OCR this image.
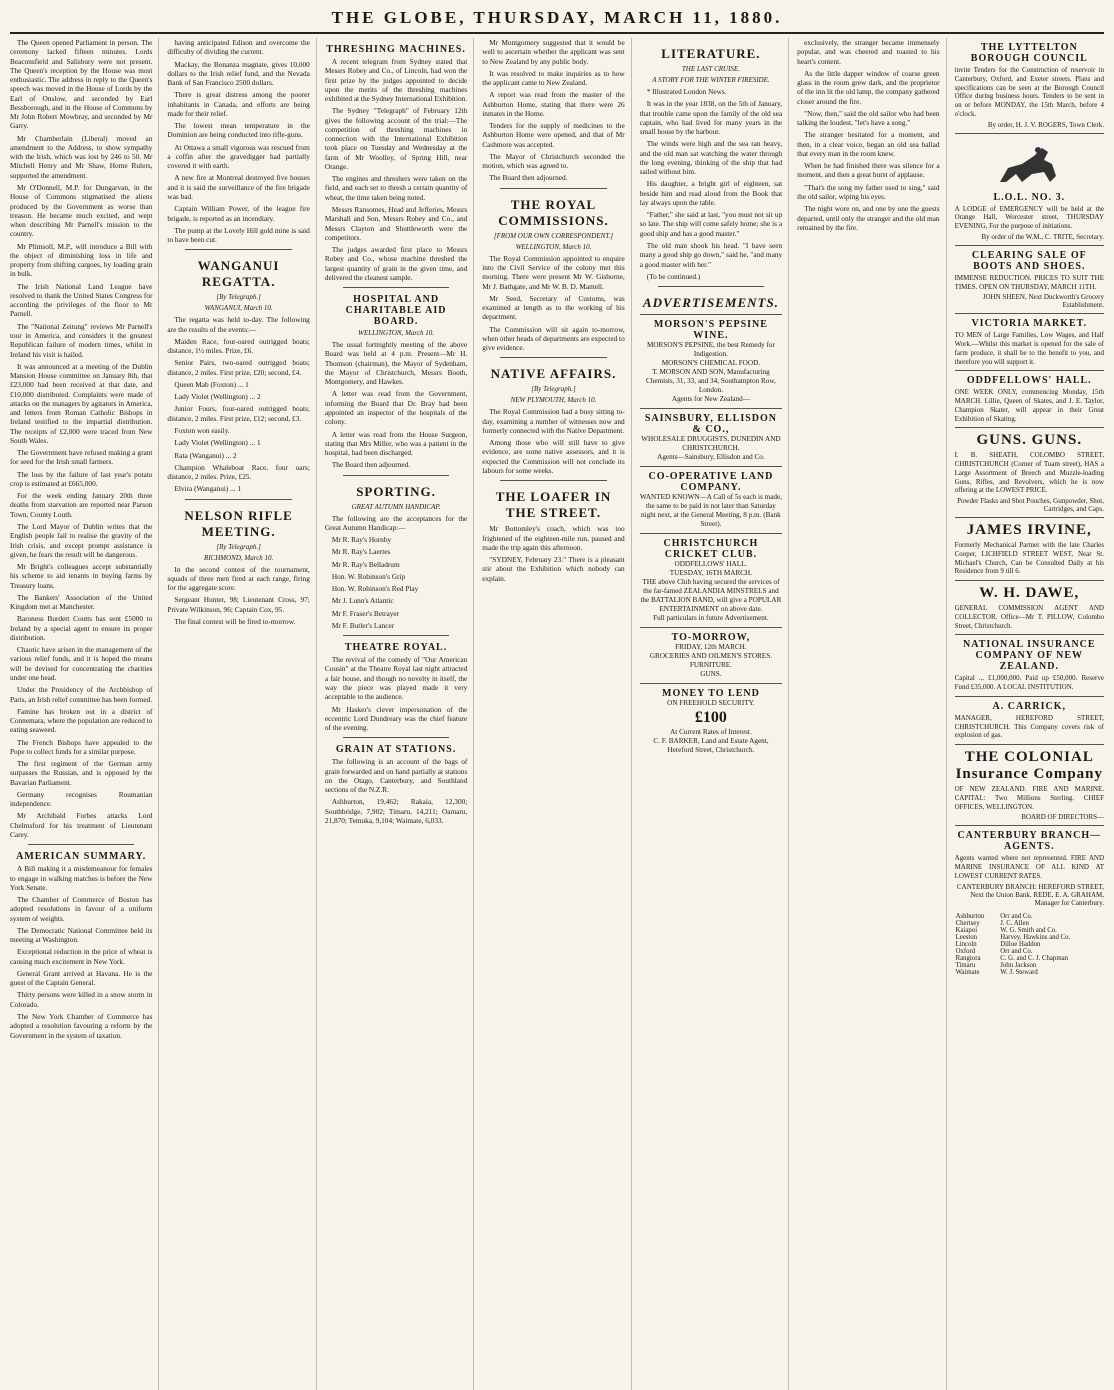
THE GLOBE, THURSDAY, MARCH 11, 1880.

The Queen opened Parliament in person. The ceremony lacked fifteen minutes. Lords Beaconsfield and Salisbury were not present. The Queen's reception by the House was most enthusiastic. The address in reply to the Queen's speech was moved in the House of Lords by the Earl of Onslow, and seconded by Earl Bessborough, and in the House of Commons by Mr John Robert Mowbray, and seconded by Mr Garry.

Mr Chamberlain (Liberal) moved an amendment to the Address, to show sympathy with the Irish, which was lost by 246 to 50. Mr Mitchell Henry and Mr Shaw, Home Rulers, supported the amendment.

Mr O'Donnell, M.P. for Dungarvan, in the House of Commons stigmatised the aliens produced by the Government as worse than treason. He became much excited, and wept when describing Mr Parnell's mission to the country.

Mr Plimsoll, M.P., will introduce a Bill with the object of diminishing loss in life and property from shifting cargoes, by loading grain in bulk.

The Irish National Land League have resolved to thank the United States Congress for according the privileges of the floor to Mr Parnell.

The "National Zeitung" reviews Mr Parnell's tour in America, and considers it the greatest Republican failure of modern times, whilst in Ireland his visit is hailed.

It was announced at a meeting of the Dublin Mansion House committee on January 8th, that £23,000 had been received at that date, and £10,000 distributed. Complaints were made of attacks on the managers by agitators in America, and letters from Roman Catholic Bishops in Ireland testified to the impartial distribution. The receipts of £2,000 were traced from New South Wales.

The Government have refused making a grant for seed for the Irish small farmers.

The loss by the failure of last year's potato crop is estimated at £665,000.

For the week ending January 20th three deaths from starvation are reported near Parson Town, County Louth.

The Lord Mayor of Dublin writes that the English people fail to realise the gravity of the Irish crisis, and except prompt assistance is given, he fears the result will be dangerous.

Mr Bright's colleagues accept substantially his scheme to aid tenants in buying farms by Treasury loans.

The Bankers' Association of the United Kingdom met at Manchester.

Baroness Burdett Coutts has sent £5000 to Ireland by a special agent to ensure its proper distribution.

Chaotic have arisen in the management of the various relief funds, and it is hoped the means will be devised for concentrating the charities under one head.

Under the Presidency of the Archbishop of Paris, an Irish relief committee has been formed.

Famine has broken out in a district of Connemara, where the population are reduced to eating seaweed.

The French Bishops have appealed to the Pope to collect funds for a similar purpose.

The first regiment of the German army surpasses the Russian, and is opposed by the Bavarian Parliament.

Germany recognises Roumanian independence.

Mr Archibald Forbes attacks Lord Chelmsford for his treatment of Lieutenant Carey.

AMERICAN SUMMARY.

A Bill making it a misdemeanour for females to engage in walking matches is before the New York Senate.

The Chamber of Commerce of Boston has adopted resolutions in favour of a uniform system of weights.

The Democratic National Committee held its meeting at Washington.

Exceptional reduction in the price of wheat is causing much excitement in New York.

General Grant arrived at Havana. He is the guest of the Captain General.

Thirty persons were killed in a snow storm in Colorado.

The New York Chamber of Commerce has adopted a resolution favouring a reform by the Government in the system of taxation.

having anticipated Edison and overcome the difficulty of dividing the current.

Mackay, the Bonanza magnate, gives 10,000 dollars to the Irish relief fund, and the Nevada Bank of San Francisco 2500 dollars.

There is great distress among the poorer inhabitants in Canada, and efforts are being made for their relief.

The lowest mean temperature in the Dominion are being conducted into rifle-guns.

At Ottawa a small vigorous was rescued from a coffin after the gravedigger had partially covered it with earth.

A new fire at Montreal destroyed five houses and it is said the surveillance of the fire brigade was bad.

Captain William Power, of the league fire brigade, is reported as an incendiary.

The pump at the Lovely Hill gold mine is said to have been cut.

WANGANUI REGATTA.
[By Telegraph.]
WANGANUI, March 10.

The regatta was held to-day. The following are the results of the events:—

Maiden Race, four-oared outrigged boats; distance, 1½ miles. Prize, £6.

Senior Pairs, two-oared outrigged boats; distance, 2 miles. First prize, £20; second, £4.

Queen Mab (Foxton) ... 1

Lady Violet (Wellington) ... 2

Junior Fours, four-oared outrigged boats; distance, 2 miles. First prize, £12; second, £3.

Foxton won easily.

Lady Violet (Wellington) ... 1

Rata (Wanganui) ... 2

Champion Whaleboat Race, four oars; distance, 2 miles. Prize, £25.

Elvira (Wanganui) ... 1

NELSON RIFLE MEETING.
[By Telegraph.]
RICHMOND, March 10.

In the second contest of the tournament, squads of three men fired at each range, firing for the aggregate score.

Sergeant Hunter, 98; Lieutenant Cross, 97; Private Wilkinson, 96; Captain Cox, 95.

The final contest will be fired to-morrow.

THRESHING MACHINES.

A recent telegram from Sydney stated that Messrs Robey and Co., of Lincoln, had won the first prize by the judges appointed to decide upon the merits of the threshing machines exhibited at the Sydney International Exhibition.

The Sydney "Telegraph" of February 12th gives the following account of the trial:—The competition of threshing machines in connection with the International Exhibition took place on Tuesday and Wednesday at the farm of Mr Woolley, of Spring Hill, near Orange.

The engines and threshers were taken on the field, and each set to thresh a certain quantity of wheat, the time taken being noted.

Messrs Ransomes, Head and Jefferies, Messrs Marshall and Son, Messrs Robey and Co., and Messrs Clayton and Shuttleworth were the competitors.

The judges awarded first place to Messrs Robey and Co., whose machine threshed the largest quantity of grain in the given time, and delivered the cleanest sample.

HOSPITAL AND CHARITABLE AID BOARD.
WELLINGTON, March 10.

The usual fortnightly meeting of the above Board was held at 4 p.m. Present—Mr H. Thomson (chairman), the Mayor of Sydenham, the Mayor of Christchurch, Messrs Booth, Montgomery, and Hawkes.

A letter was read from the Government, informing the Board that Dr. Bray had been appointed an inspector of the hospitals of the colony.

A letter was read from the House Surgeon, stating that Mrs Miller, who was a patient in the hospital, had been discharged.

The Board then adjourned.

SPORTING.
GREAT AUTUMN HANDICAP.

The following are the acceptances for the Great Autumn Handicap:—

Mr R. Ray's Hornby

Mr R. Ray's Laertes

Mr R. Ray's Belladrum

Hon. W. Robinson's Grip

Hon. W. Robinson's Red Play

Mr J. Lunn's Atlantic

Mr F. Fraser's Betrayer

Mr F. Butler's Lancer

THEATRE ROYAL.

The revival of the comedy of "Our American Cousin" at the Theatre Royal last night attracted a fair house, and though no novelty in itself, the way the piece was played made it very acceptable to the audience.

Mr Hasker's clever impersonation of the eccentric Lord Dundreary was the chief feature of the evening.

GRAIN AT STATIONS.

The following is an account of the bags of grain forwarded and on hand partially at stations on the Otago, Canterbury, and Southland sections of the N.Z.R.

Ashburton, 19,462; Rakaia, 12,300; Southbridge, 7,902; Timaru, 14,211; Oamaru, 21,870; Temuka, 9,104; Waimate, 6,033.

Mr Montgomery suggested that it would be well to ascertain whether the applicant was sent to New Zealand by any public body.

It was resolved to make inquiries as to how the applicant came to New Zealand.

A report was read from the master of the Ashburton Home, stating that there were 26 inmates in the Home.

Tenders for the supply of medicines to the Ashburton Home were opened, and that of Mr Cashmore was accepted.

The Mayor of Christchurch seconded the motion, which was agreed to.

The Board then adjourned.

THE ROYAL COMMISSIONS.
[FROM OUR OWN CORRESPONDENT.]
WELLINGTON, March 10.

The Royal Commission appointed to enquire into the Civil Service of the colony met this morning. There were present Mr W. Gisborne, Mr J. Bathgate, and Mr W. B. D. Mantell.

Mr Seed, Secretary of Customs, was examined at length as to the working of his department.

The Commission will sit again to-morrow, when other heads of departments are expected to give evidence.

NATIVE AFFAIRS.
[By Telegraph.]
NEW PLYMOUTH, March 10.

The Royal Commission had a busy sitting to-day, examining a number of witnesses now and formerly connected with the Native Department.

Among those who will still have to give evidence, are some native assessors, and it is expected the Commission will not conclude its labours for some weeks.

THE LOAFER IN THE STREET.

Mr Bottomley's coach, which was too frightened of the eighteen-mile run, paused and made the trip again this afternoon.

"SYDNEY, February 23." There is a pleasant stir about the Exhibition which nobody can explain.

LITERATURE.
THE LAST CRUISE.
A STORY FOR THE WINTER FIRESIDE.

* Illustrated London News.

It was in the year 1838, on the 5th of January, that trouble came upon the family of the old sea captain, who had lived for many years in the small house by the harbour.

The winds were high and the sea ran heavy, and the old man sat watching the water through the long evening, thinking of the ship that had sailed without him.

His daughter, a bright girl of eighteen, sat beside him and read aloud from the Book that lay always upon the table.

"Father," she said at last, "you must not sit up so late. The ship will come safely home; she is a good ship and has a good master."

The old man shook his head. "I have seen many a good ship go down," said he, "and many a good master with her."

(To be continued.)

ADVERTISEMENTS.
MORSON'S PEPSINE WINE.
MORSON'S PEPSINE, the best Remedy for Indigestion.
MORSON'S CHEMICAL FOOD.
T. MORSON AND SON, Manufacturing Chemists, 31, 33, and 34, Southampton Row, London.
Agents for New Zealand—
SAINSBURY, ELLISDON & CO.,
WHOLESALE DRUGGISTS, DUNEDIN AND CHRISTCHURCH.
Agents—Sainsbury, Ellisdon and Co.
CO-OPERATIVE LAND COMPANY.
WANTED KNOWN—A Call of 5s each is made, the same to be paid in not later than Saturday night next, at the General Meeting, 8 p.m. (Bank Street).
CHRISTCHURCH CRICKET CLUB.
ODDFELLOWS' HALL.
TUESDAY, 16TH MARCH.
THE above Club having secured the services of the far-famed ZEALANDIA MINSTRELS and the BATTALION BAND, will give a POPULAR ENTERTAINMENT on above date.
Full particulars in future Advertisement.
TO-MORROW,
FRIDAY, 12th MARCH.
GROCERIES AND OILMEN'S STORES.
FURNITURE.
GUNS.
MONEY TO LEND
ON FREEHOLD SECURITY.
£100
At Current Rates of Interest.
C. F. BARKER, Land and Estate Agent, Hereford Street, Christchurch.

exclusively, the stranger became immensely popular, and was cheered and toasted to his heart's content.

As the little dapper window of coarse green glass in the room grew dark, and the proprietor of the inn lit the old lamp, the company gathered closer around the fire.

"Now, then," said the old sailor who had been talking the loudest, "let's have a song."

The stranger hesitated for a moment, and then, in a clear voice, began an old sea ballad that every man in the room knew.

When he had finished there was silence for a moment, and then a great burst of applause.

"That's the song my father used to sing," said the old sailor, wiping his eyes.

The night wore on, and one by one the guests departed, until only the stranger and the old man remained by the fire.

THE LYTTELTON BOROUGH COUNCIL
invite Tenders for the Construction of reservoir in Canterbury, Oxford, and Exeter streets. Plans and specifications can be seen at the Borough Council Office during business hours. Tenders to be sent in on or before MONDAY, the 15th March, before 4 o'clock.
By order, H. J. V. ROGERS, Town Clerk.
L.O.L. NO. 3.
A LODGE of EMERGENCY will be held at the Orange Hall, Worcester street, THURSDAY EVENING, For the purpose of initiations.
By order of the W.M., C. TRITE, Secretary.
CLEARING SALE OF BOOTS AND SHOES.
IMMENSE REDUCTION. PRICES TO SUIT THE TIMES. OPEN ON THURSDAY, MARCH 11TH.
JOHN SHEEN, Next Duckworth's Grocery Establishment.
VICTORIA MARKET.
TO MEN of Large Families, Low Wages, and Half Work.—Whilst this market is opened for the sale of farm produce, it shall be to the benefit to you, and therefore you will support it.
ODDFELLOWS' HALL.
ONE WEEK ONLY, commencing Monday, 15th MARCH. Lillie, Queen of Skates, and J. E. Taylor, Champion Skater, will appear in their Great Exhibition of Skating.
GUNS. GUNS.
I. B. SHEATH, COLOMBO STREET, CHRISTCHURCH (Corner of Tuam street), HAS a Large Assortment of Breech and Muzzle-loading Guns, Rifles, and Revolvers, which he is now offering at the LOWEST PRICE.
Powder Flasks and Shot Pouches, Gunpowder, Shot, Cartridges, and Caps.
JAMES IRVINE,
Formerly Mechanical Partner with the late Charles Cooper, LICHFIELD STREET WEST, Near St. Michael's Church, Can be Consulted Daily at his Residence from 9 till 6.
W. H. DAWE,
GENERAL COMMISSION AGENT AND COLLECTOR. Office—Mr T. PILLOW, Colombo Street, Christchurch.
NATIONAL INSURANCE COMPANY OF NEW ZEALAND.
Capital ... £1,000,000. Paid up £50,000. Reserve Fund £35,000. A LOCAL INSTITUTION.
A. CARRICK,
MANAGER, HEREFORD STREET, CHRISTCHURCH. This Company covers risk of explosion of gas.
THE COLONIAL Insurance Company
OF NEW ZEALAND. FIRE AND MARINE. CAPITAL: Two Millions Sterling. CHIEF OFFICES, WELLINGTON.
BOARD OF DIRECTORS—
CANTERBURY BRANCH—AGENTS.
Agents wanted where not represented. FIRE AND MARINE INSURANCE OF ALL KIND AT LOWEST CURRENT RATES.
CANTERBURY BRANCH: HEREFORD STREET, Next the Union Bank. REDE, E. A. GRAHAM, Manager for Canterbury.
Ashburton	Orr and Co.
Chertsey	J. C. Allen
Kaiapoi	W. G. Smith and Co.
Leeston	Harvey, Hawkins and Co.
Lincoln	Dilloe Haddon
Oxford	Orr and Co.
Rangiora	C. G. and C. J. Chapman
Timaru	John Jackson
Waimate	W. J. Steward
